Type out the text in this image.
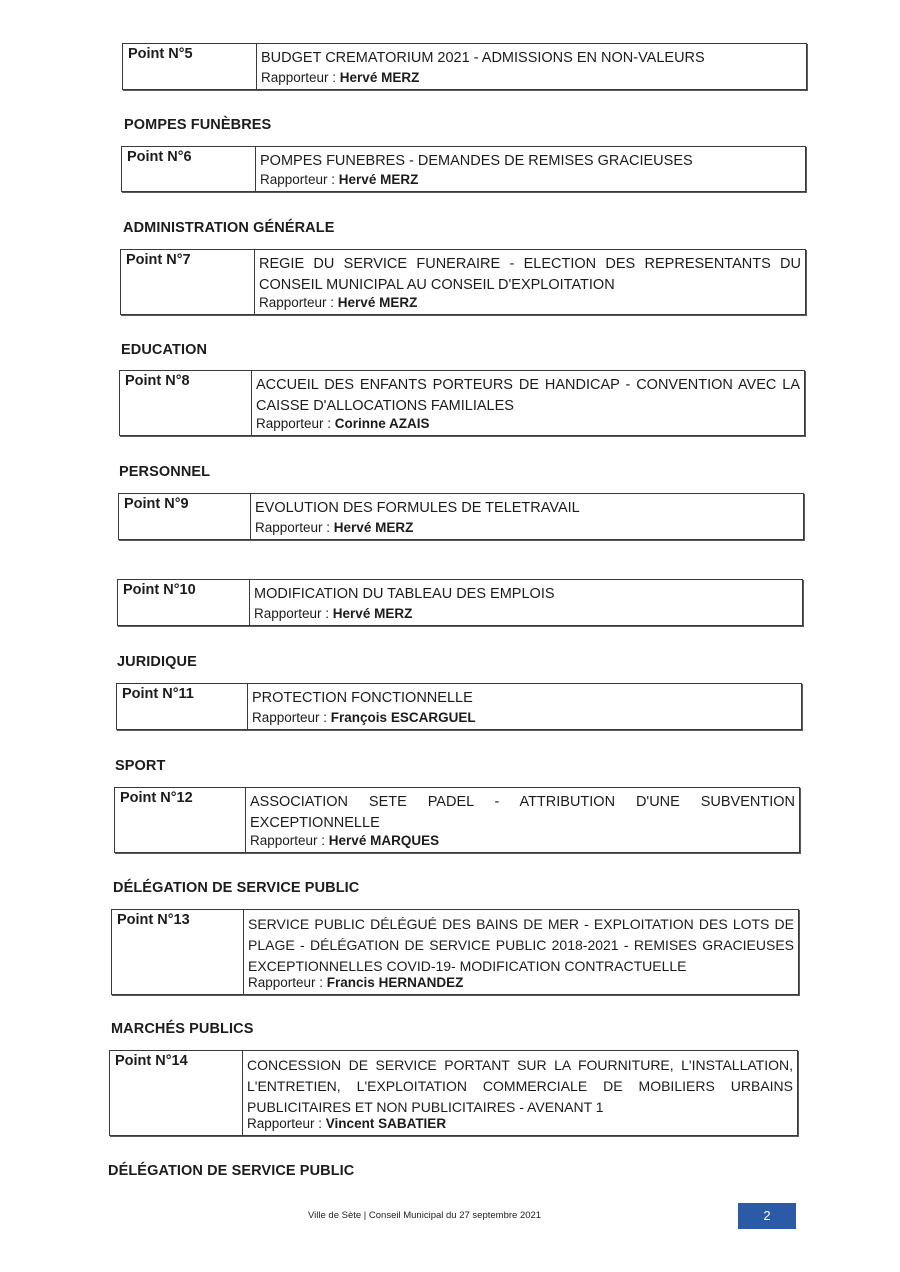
Point N°5	BUDGET CREMATORIUM 2021 - ADMISSIONS EN NON-VALEURS
Rapporteur : Hervé MERZ
POMPES FUNÈBRES
Point N°6	POMPES FUNEBRES - DEMANDES DE REMISES GRACIEUSES
Rapporteur : Hervé MERZ
ADMINISTRATION GÉNÉRALE
Point N°7	REGIE DU SERVICE FUNERAIRE - ELECTION DES REPRESENTANTS DU CONSEIL MUNICIPAL AU CONSEIL D'EXPLOITATION
Rapporteur : Hervé MERZ
EDUCATION
Point N°8	ACCUEIL DES ENFANTS PORTEURS DE HANDICAP - CONVENTION AVEC LA CAISSE D'ALLOCATIONS FAMILIALES
Rapporteur : Corinne AZAIS
PERSONNEL
Point N°9	EVOLUTION DES FORMULES DE TELETRAVAIL
Rapporteur : Hervé MERZ
Point N°10	MODIFICATION DU TABLEAU DES EMPLOIS
Rapporteur : Hervé MERZ
JURIDIQUE
Point N°11	PROTECTION FONCTIONNELLE
Rapporteur : François ESCARGUEL
SPORT
Point N°12	ASSOCIATION SETE PADEL - ATTRIBUTION D'UNE SUBVENTION EXCEPTIONNELLE
Rapporteur : Hervé MARQUES
DÉLÉGATION DE SERVICE PUBLIC
Point N°13	SERVICE PUBLIC DÉLÉGUÉ DES BAINS DE MER - EXPLOITATION DES LOTS DE PLAGE - DÉLÉGATION DE SERVICE PUBLIC 2018-2021 - REMISES GRACIEUSES EXCEPTIONNELLES COVID-19- MODIFICATION CONTRACTUELLE
Rapporteur : Francis HERNANDEZ
MARCHÉS PUBLICS
Point N°14	CONCESSION DE SERVICE PORTANT SUR LA FOURNITURE, L'INSTALLATION, L'ENTRETIEN, L'EXPLOITATION COMMERCIALE DE MOBILIERS URBAINS PUBLICITAIRES ET NON PUBLICITAIRES - AVENANT 1
Rapporteur : Vincent SABATIER
DÉLÉGATION DE SERVICE PUBLIC
Ville de Sète | Conseil Municipal du 27 septembre 2021	2
